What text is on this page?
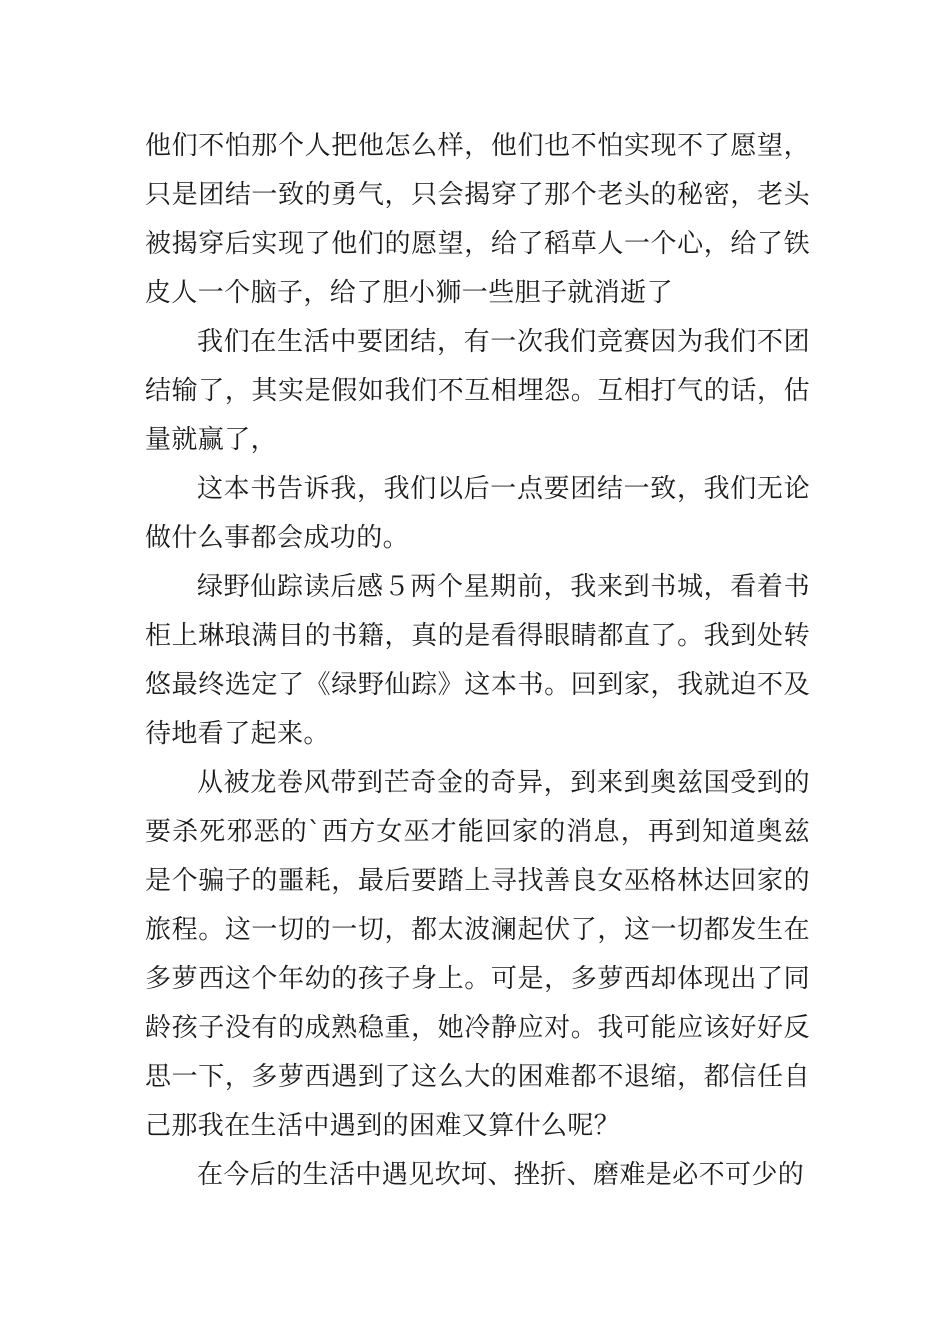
他们不怕那个人把他怎么样，他们也不怕实现不了愿望，只是团结一致的勇气，只会揭穿了那个老头的秘密，老头被揭穿后实现了他们的愿望，给了稻草人一个心，给了铁皮人一个脑子，给了胆小狮一些胆子就消逝了

我们在生活中要团结，有一次我们竞赛因为我们不团结输了，其实是假如我们不互相埋怨。互相打气的话，估量就赢了，

这本书告诉我，我们以后一点要团结一致，我们无论做什么事都会成功的。

绿野仙踪读后感５两个星期前，我来到书城，看着书柜上琳琅满目的书籍，真的是看得眼睛都直了。我到处转悠最终选定了《绿野仙踪》这本书。回到家，我就迫不及待地看了起来。

从被龙卷风带到芒奇金的奇异，到来到奥兹国受到的要杀死邪恶的`西方女巫才能回家的消息，再到知道奥兹是个骗子的噩耗，最后要踏上寻找善良女巫格林达回家的旅程。这一切的一切，都太波澜起伏了，这一切都发生在多萝西这个年幼的孩子身上。可是，多萝西却体现出了同龄孩子没有的成熟稳重，她冷静应对。我可能应该好好反思一下，多萝西遇到了这么大的困难都不退缩，都信任自己那我在生活中遇到的困难又算什么呢？

在今后的生活中遇见坎坷、挫折、磨难是必不可少的
